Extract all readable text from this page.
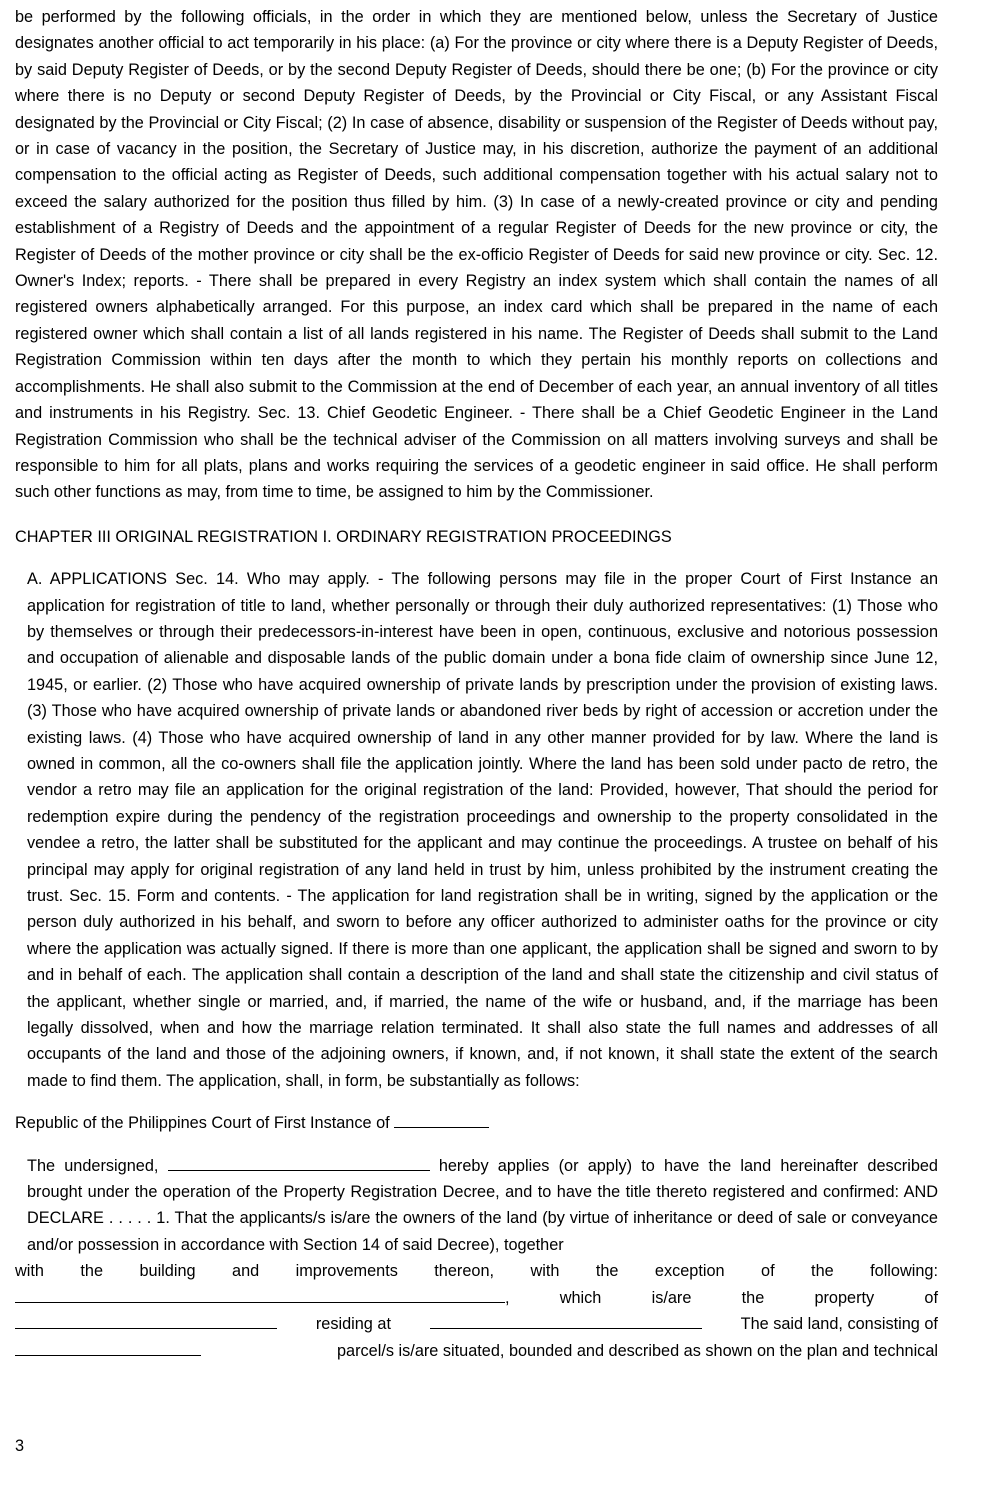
be performed by the following officials, in the order in which they are mentioned below, unless the Secretary of Justice designates another official to act temporarily in his place: (a) For the province or city where there is a Deputy Register of Deeds, by said Deputy Register of Deeds, or by the second Deputy Register of Deeds, should there be one; (b) For the province or city where there is no Deputy or second Deputy Register of Deeds, by the Provincial or City Fiscal, or any Assistant Fiscal designated by the Provincial or City Fiscal; (2) In case of absence, disability or suspension of the Register of Deeds without pay, or in case of vacancy in the position, the Secretary of Justice may, in his discretion, authorize the payment of an additional compensation to the official acting as Register of Deeds, such additional compensation together with his actual salary not to exceed the salary authorized for the position thus filled by him. (3) In case of a newly-created province or city and pending establishment of a Registry of Deeds and the appointment of a regular Register of Deeds for the new province or city, the Register of Deeds of the mother province or city shall be the ex-officio Register of Deeds for said new province or city. Sec. 12. Owner's Index; reports. - There shall be prepared in every Registry an index system which shall contain the names of all registered owners alphabetically arranged. For this purpose, an index card which shall be prepared in the name of each registered owner which shall contain a list of all lands registered in his name. The Register of Deeds shall submit to the Land Registration Commission within ten days after the month to which they pertain his monthly reports on collections and accomplishments. He shall also submit to the Commission at the end of December of each year, an annual inventory of all titles and instruments in his Registry. Sec. 13. Chief Geodetic Engineer. - There shall be a Chief Geodetic Engineer in the Land Registration Commission who shall be the technical adviser of the Commission on all matters involving surveys and shall be responsible to him for all plats, plans and works requiring the services of a geodetic engineer in said office. He shall perform such other functions as may, from time to time, be assigned to him by the Commissioner.

CHAPTER III ORIGINAL REGISTRATION I. ORDINARY REGISTRATION PROCEEDINGS

A. APPLICATIONS Sec. 14. Who may apply. - The following persons may file in the proper Court of First Instance an application for registration of title to land, whether personally or through their duly authorized representatives: (1) Those who by themselves or through their predecessors-in-interest have been in open, continuous, exclusive and notorious possession and occupation of alienable and disposable lands of the public domain under a bona fide claim of ownership since June 12, 1945, or earlier. (2) Those who have acquired ownership of private lands by prescription under the provision of existing laws. (3) Those who have acquired ownership of private lands or abandoned river beds by right of accession or accretion under the existing laws. (4) Those who have acquired ownership of land in any other manner provided for by law. Where the land is owned in common, all the co-owners shall file the application jointly. Where the land has been sold under pacto de retro, the vendor a retro may file an application for the original registration of the land: Provided, however, That should the period for redemption expire during the pendency of the registration proceedings and ownership to the property consolidated in the vendee a retro, the latter shall be substituted for the applicant and may continue the proceedings. A trustee on behalf of his principal may apply for original registration of any land held in trust by him, unless prohibited by the instrument creating the trust. Sec. 15. Form and contents. - The application for land registration shall be in writing, signed by the application or the person duly authorized in his behalf, and sworn to before any officer authorized to administer oaths for the province or city where the application was actually signed. If there is more than one applicant, the application shall be signed and sworn to by and in behalf of each. The application shall contain a description of the land and shall state the citizenship and civil status of the applicant, whether single or married, and, if married, the name of the wife or husband, and, if the marriage has been legally dissolved, when and how the marriage relation terminated. It shall also state the full names and addresses of all occupants of the land and those of the adjoining owners, if known, and, if not known, it shall state the extent of the search made to find them. The application, shall, in form, be substantially as follows:

Republic of the Philippines Court of First Instance of

The undersigned,	hereby applies (or apply) to have the land hereinafter described brought under the operation of the Property Registration Decree, and to have the title thereto registered and confirmed: AND DECLARE . . . . . 1. That the applicants/s is/are the owners of the land (by virtue of inheritance or deed of sale or conveyance and/or possession in accordance with Section 14 of said Decree), together

with the building and improvements thereon, with the exception of the following:
,	which	is/are	the	property	of
residing at	The said land, consisting of
parcel/s is/are situated, bounded and described as shown on the plan and technical
3
